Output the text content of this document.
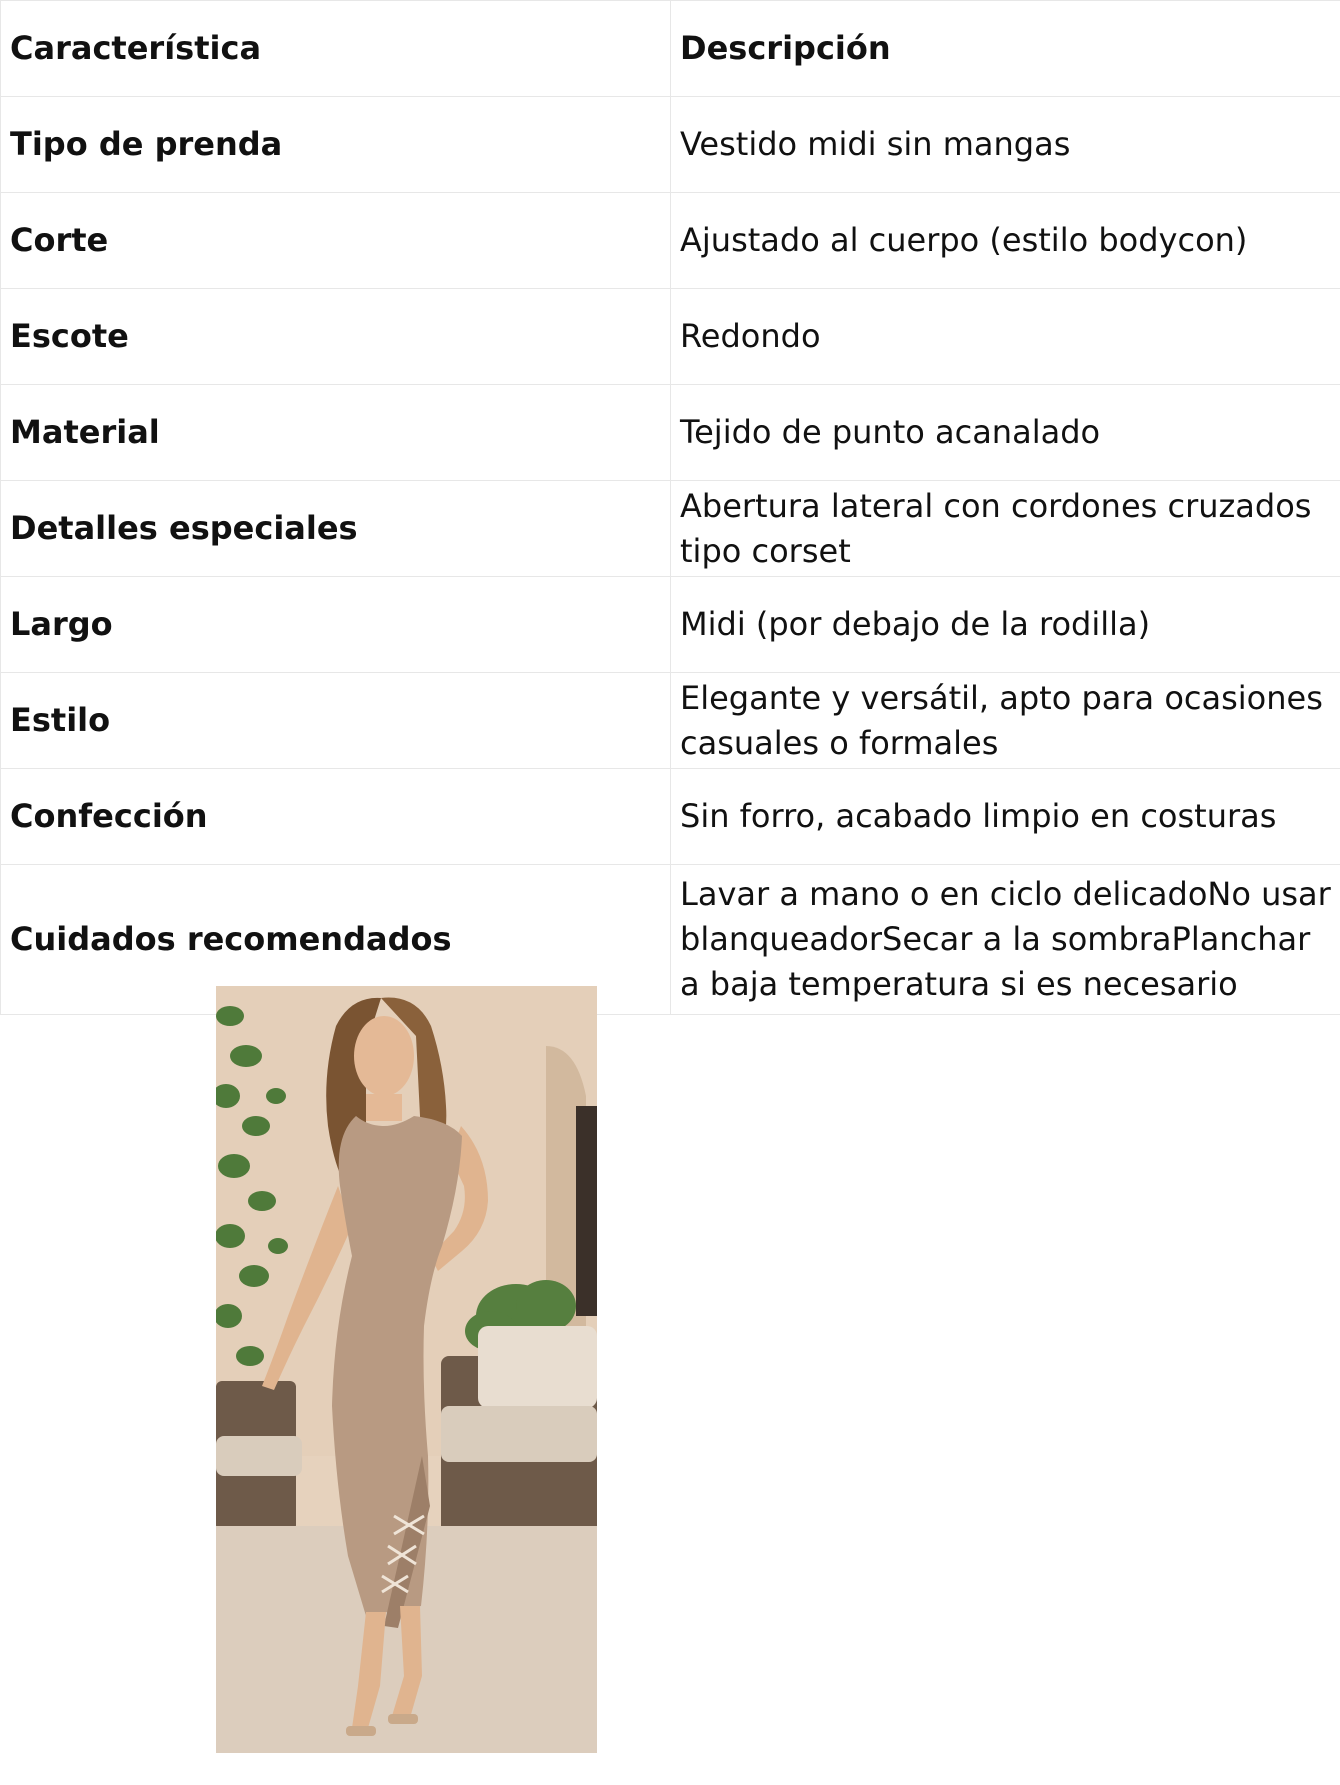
Característica	Descripción
Tipo de prenda	Vestido midi sin mangas
Corte	Ajustado al cuerpo (estilo bodycon)
Escote	Redondo
Material	Tejido de punto acanalado
Detalles especiales	Abertura lateral con cordones cruzados tipo corset
Largo	Midi (por debajo de la rodilla)
Estilo	Elegante y versátil, apto para ocasiones casuales o formales
Confección	Sin forro, acabado limpio en costuras
Cuidados recomendados	Lavar a mano o en ciclo delicadoNo usar blanqueadorSecar a la sombraPlanchar a baja temperatura si es necesario
